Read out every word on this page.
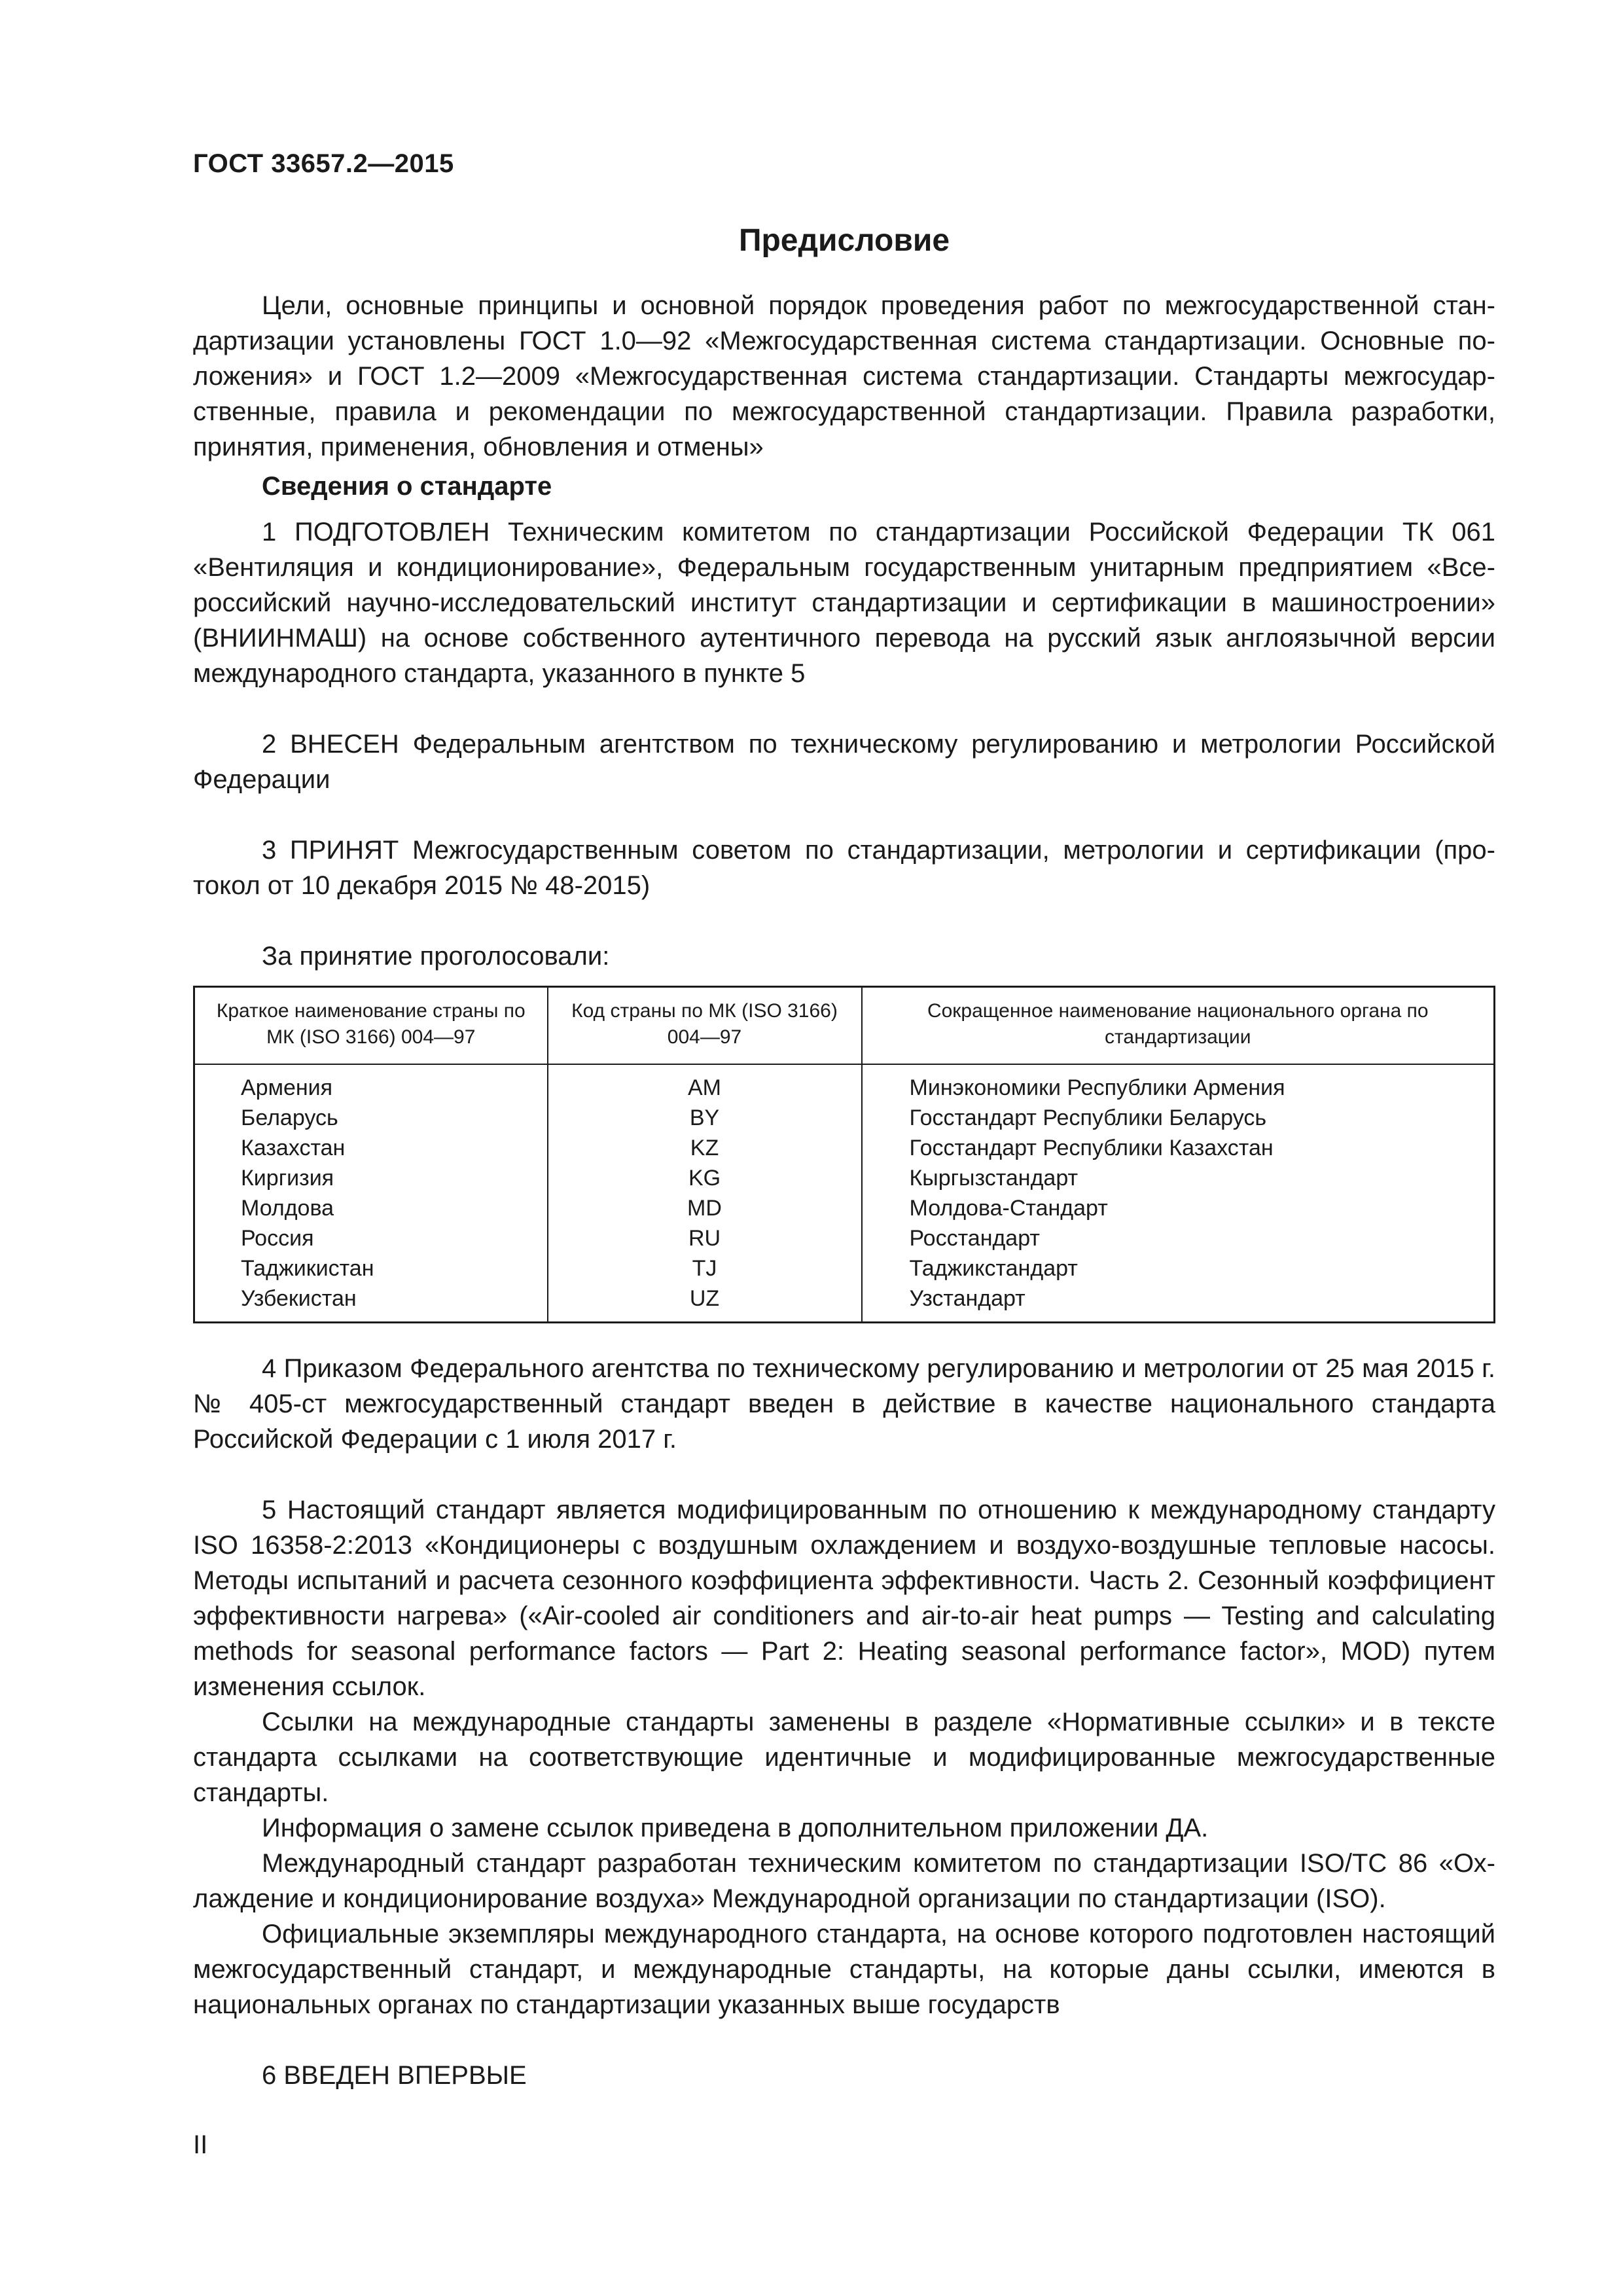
ГОСТ 33657.2—2015
Предисловие

Цели, основные принципы и основной порядок проведения работ по межгосударственной стандартизации установлены ГОСТ 1.0—92 «Межгосударственная система стандартизации. Основные положения» и ГОСТ 1.2—2009 «Межгосударственная система стандартизации. Стандарты межгосударственные, правила и рекомендации по межгосударственной стандартизации. Правила разработки, принятия, применения, обновления и отмены»

Сведения о стандарте

1 ПОДГОТОВЛЕН Техническим комитетом по стандартизации Российской Федерации ТК 061 «Вентиляция и кондиционирование», Федеральным государственным унитарным предприятием «Всероссийский научно-исследовательский институт стандартизации и сертификации в машиностроении» (ВНИИНМАШ) на основе собственного аутентичного перевода на русский язык англоязычной версии международного стандарта, указанного в пункте 5

2 ВНЕСЕН Федеральным агентством по техническому регулированию и метрологии Российской Федерации

3 ПРИНЯТ Межгосударственным советом по стандартизации, метрологии и сертификации (протокол от 10 декабря 2015 № 48-2015)

За принятие проголосовали:

Краткое наименование страны по МК (ISO 3166) 004—97	Код страны по МК (ISO 3166) 004—97	Сокращенное наименование национального органа по стандартизации
Армения	AM	Минэкономики Республики Армения
Беларусь	BY	Госстандарт Республики Беларусь
Казахстан	KZ	Госстандарт Республики Казахстан
Киргизия	KG	Кыргызстандарт
Молдова	MD	Молдова-Стандарт
Россия	RU	Росстандарт
Таджикистан	TJ	Таджикстандарт
Узбекистан	UZ	Узстандарт

4 Приказом Федерального агентства по техническому регулированию и метрологии от 25 мая 2015 г. № 405-ст межгосударственный стандарт введен в действие в качестве национального стандарта Российской Федерации с 1 июля 2017 г.

5 Настоящий стандарт является модифицированным по отношению к международному стандарту ISO 16358-2:2013 «Кондиционеры с воздушным охлаждением и воздухо-воздушные тепловые насосы. Методы испытаний и расчета сезонного коэффициента эффективности. Часть 2. Сезонный коэффициент эффективности нагрева» («Air-cooled air conditioners and air-to-air heat pumps — Testing and calculating methods for seasonal performance factors — Part 2: Heating seasonal performance factor», MOD) путем изменения ссылок.

Ссылки на международные стандарты заменены в разделе «Нормативные ссылки» и в тексте стандарта ссылками на соответствующие идентичные и модифицированные межгосударственные стандарты.

Информация о замене ссылок приведена в дополнительном приложении ДА.

Международный стандарт разработан техническим комитетом по стандартизации ISO/TC 86 «Охлаждение и кондиционирование воздуха» Международной организации по стандартизации (ISO).

Официальные экземпляры международного стандарта, на основе которого подготовлен настоящий межгосударственный стандарт, и международные стандарты, на которые даны ссылки, имеются в национальных органах по стандартизации указанных выше государств

6 ВВЕДЕН ВПЕРВЫЕ

II
